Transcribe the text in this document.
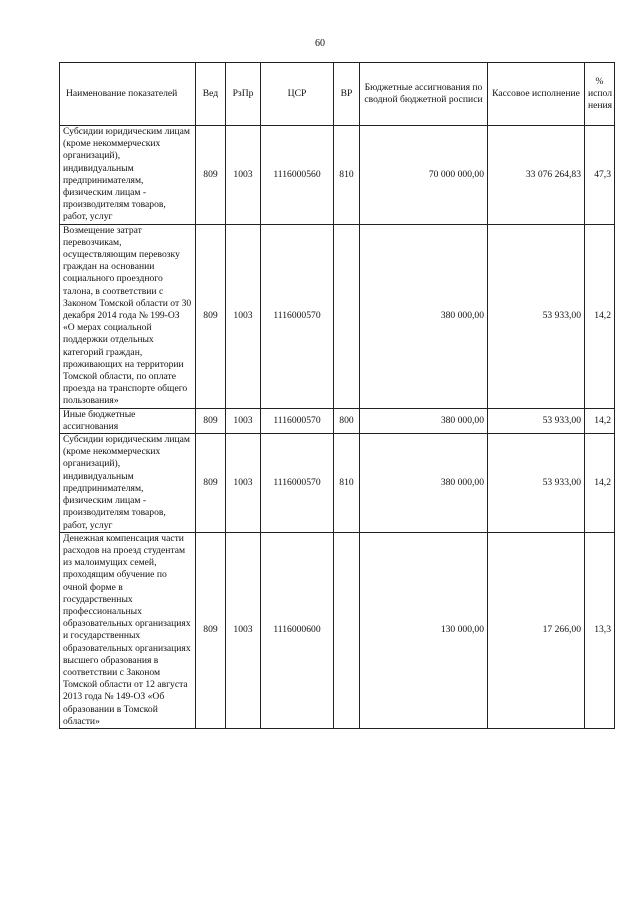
60
Наименование показателей	Вед	РзПр	ЦСР	ВР	Бюджетные ассигнования по сводной бюджетной росписи	Кассовое исполнение	% испол нения
Субсидии юридическим лицам (кроме некоммерческих организаций), индивидуальным предпринимателям, физическим лицам - производителям товаров, работ, услуг	809	1003	1116000560	810	70 000 000,00	33 076 264,83	47,3
Возмещение затрат перевозчикам, осуществляющим перевозку граждан на основании социального проездного талона, в соответствии с Законом Томской области от 30 декабря 2014 года № 199-ОЗ «О мерах социальной поддержки отдельных категорий граждан, проживающих на территории Томской области, по оплате проезда на транспорте общего пользования»	809	1003	1116000570		380 000,00	53 933,00	14,2
Иные бюджетные ассигнования	809	1003	1116000570	800	380 000,00	53 933,00	14,2
Субсидии юридическим лицам (кроме некоммерческих организаций), индивидуальным предпринимателям, физическим лицам - производителям товаров, работ, услуг	809	1003	1116000570	810	380 000,00	53 933,00	14,2
Денежная компенсация части расходов на проезд студентам из малоимущих семей, проходящим обучение по очной форме в государственных профессиональных образовательных организациях и государственных образовательных организациях высшего образования в соответствии с Законом Томской области от 12 августа 2013 года № 149-ОЗ «Об образовании в Томской области»	809	1003	1116000600		130 000,00	17 266,00	13,3
